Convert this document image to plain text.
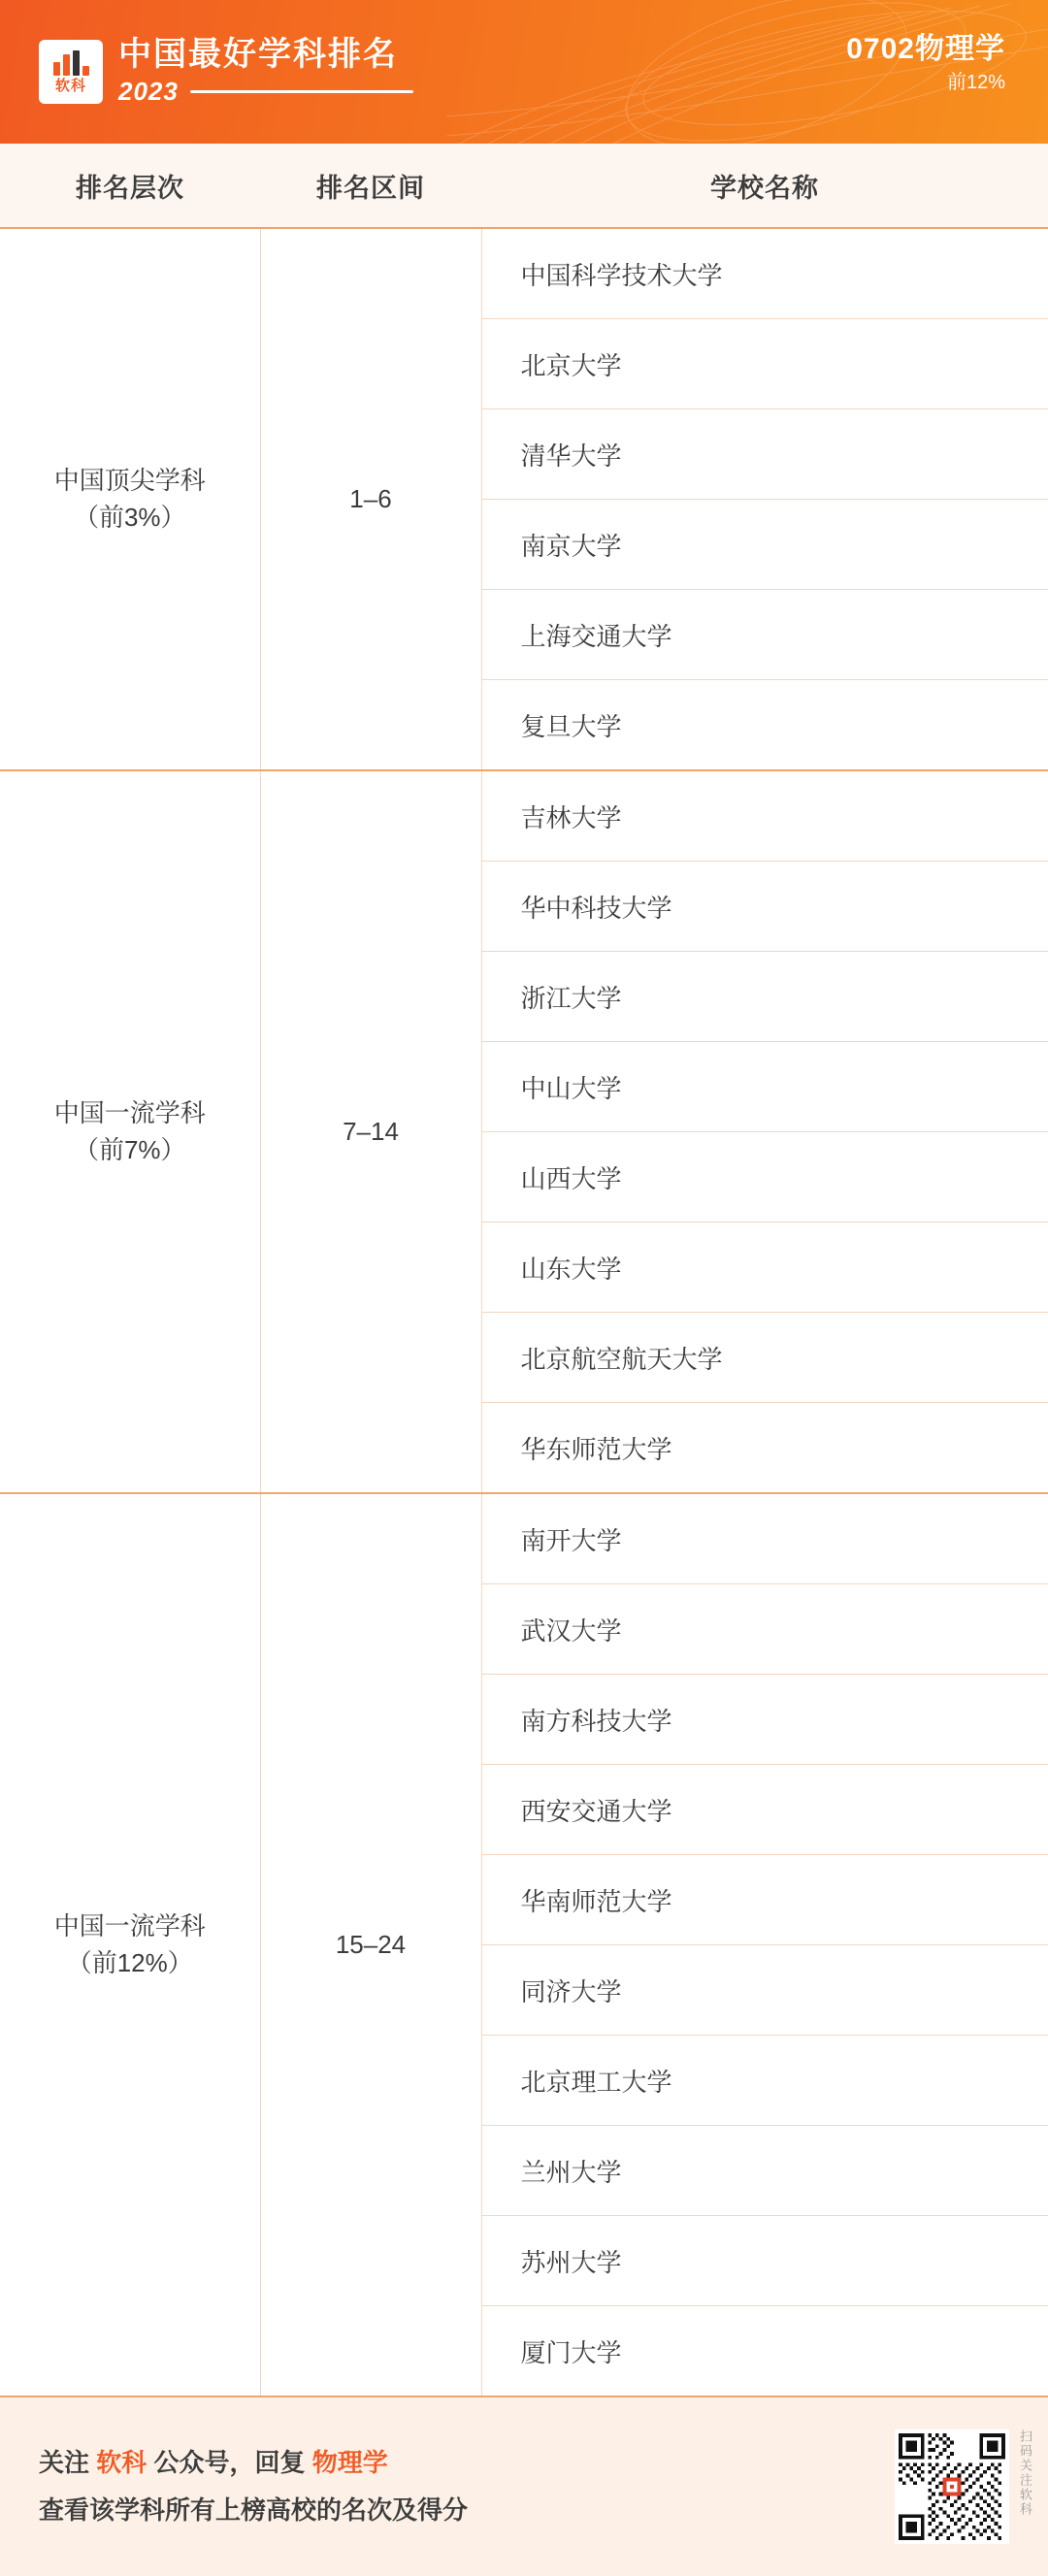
软科
中国最好学科排名
2023
0702物理学
前12%
排名层次	排名区间	学校名称

中国顶尖学科
（前3%）	1–6	中国科学技术大学
		北京大学
		清华大学
		南京大学
		上海交通大学
		复旦大学

中国一流学科
（前7%）	7–14	吉林大学
		华中科技大学
		浙江大学
		中山大学
		山西大学
		山东大学
		北京航空航天大学
		华东师范大学

中国一流学科
（前12%）	15–24	南开大学
		武汉大学
		南方科技大学
		西安交通大学
		华南师范大学
		同济大学
		北京理工大学
		兰州大学
		苏州大学
		厦门大学
关注 软科 公众号，回复 物理学
查看该学科所有上榜高校的名次及得分	扫码关注软科
